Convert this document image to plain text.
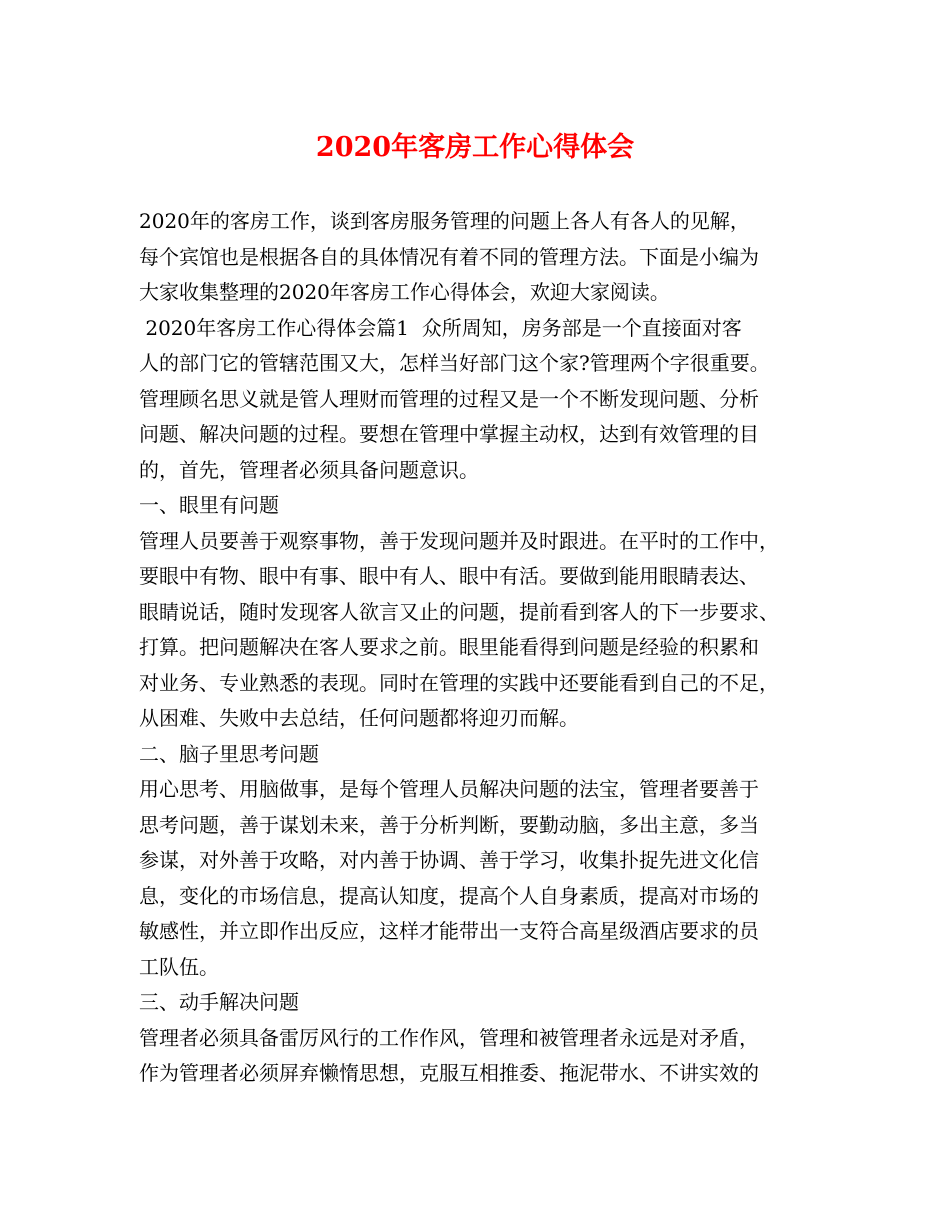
2020年客房工作心得体会
2020年的客房工作，谈到客房服务管理的问题上各人有各人的见解，
每个宾馆也是根据各自的具体情况有着不同的管理方法。下面是小编为
大家收集整理的2020年客房工作心得体会，欢迎大家阅读。
2020年客房工作心得体会篇1  众所周知，房务部是一个直接面对客
人的部门它的管辖范围又大，怎样当好部门这个家?管理两个字很重要。
管理顾名思义就是管人理财而管理的过程又是一个不断发现问题、分析
问题、解决问题的过程。要想在管理中掌握主动权，达到有效管理的目
的，首先，管理者必须具备问题意识。
一、眼里有问题
管理人员要善于观察事物，善于发现问题并及时跟进。在平时的工作中，
要眼中有物、眼中有事、眼中有人、眼中有活。要做到能用眼睛表达、
眼睛说话，随时发现客人欲言又止的问题，提前看到客人的下一步要求、
打算。把问题解决在客人要求之前。眼里能看得到问题是经验的积累和
对业务、专业熟悉的表现。同时在管理的实践中还要能看到自己的不足，
从困难、失败中去总结，任何问题都将迎刃而解。
二、脑子里思考问题
用心思考、用脑做事，是每个管理人员解决问题的法宝，管理者要善于
思考问题，善于谋划未来，善于分析判断，要勤动脑，多出主意，多当
参谋，对外善于攻略，对内善于协调、善于学习，收集扑捉先进文化信
息，变化的市场信息，提高认知度，提高个人自身素质，提高对市场的
敏感性，并立即作出反应，这样才能带出一支符合高星级酒店要求的员
工队伍。
三、动手解决问题
管理者必须具备雷厉风行的工作作风，管理和被管理者永远是对矛盾，
作为管理者必须屏弃懒惰思想，克服互相推委、拖泥带水、不讲实效的
